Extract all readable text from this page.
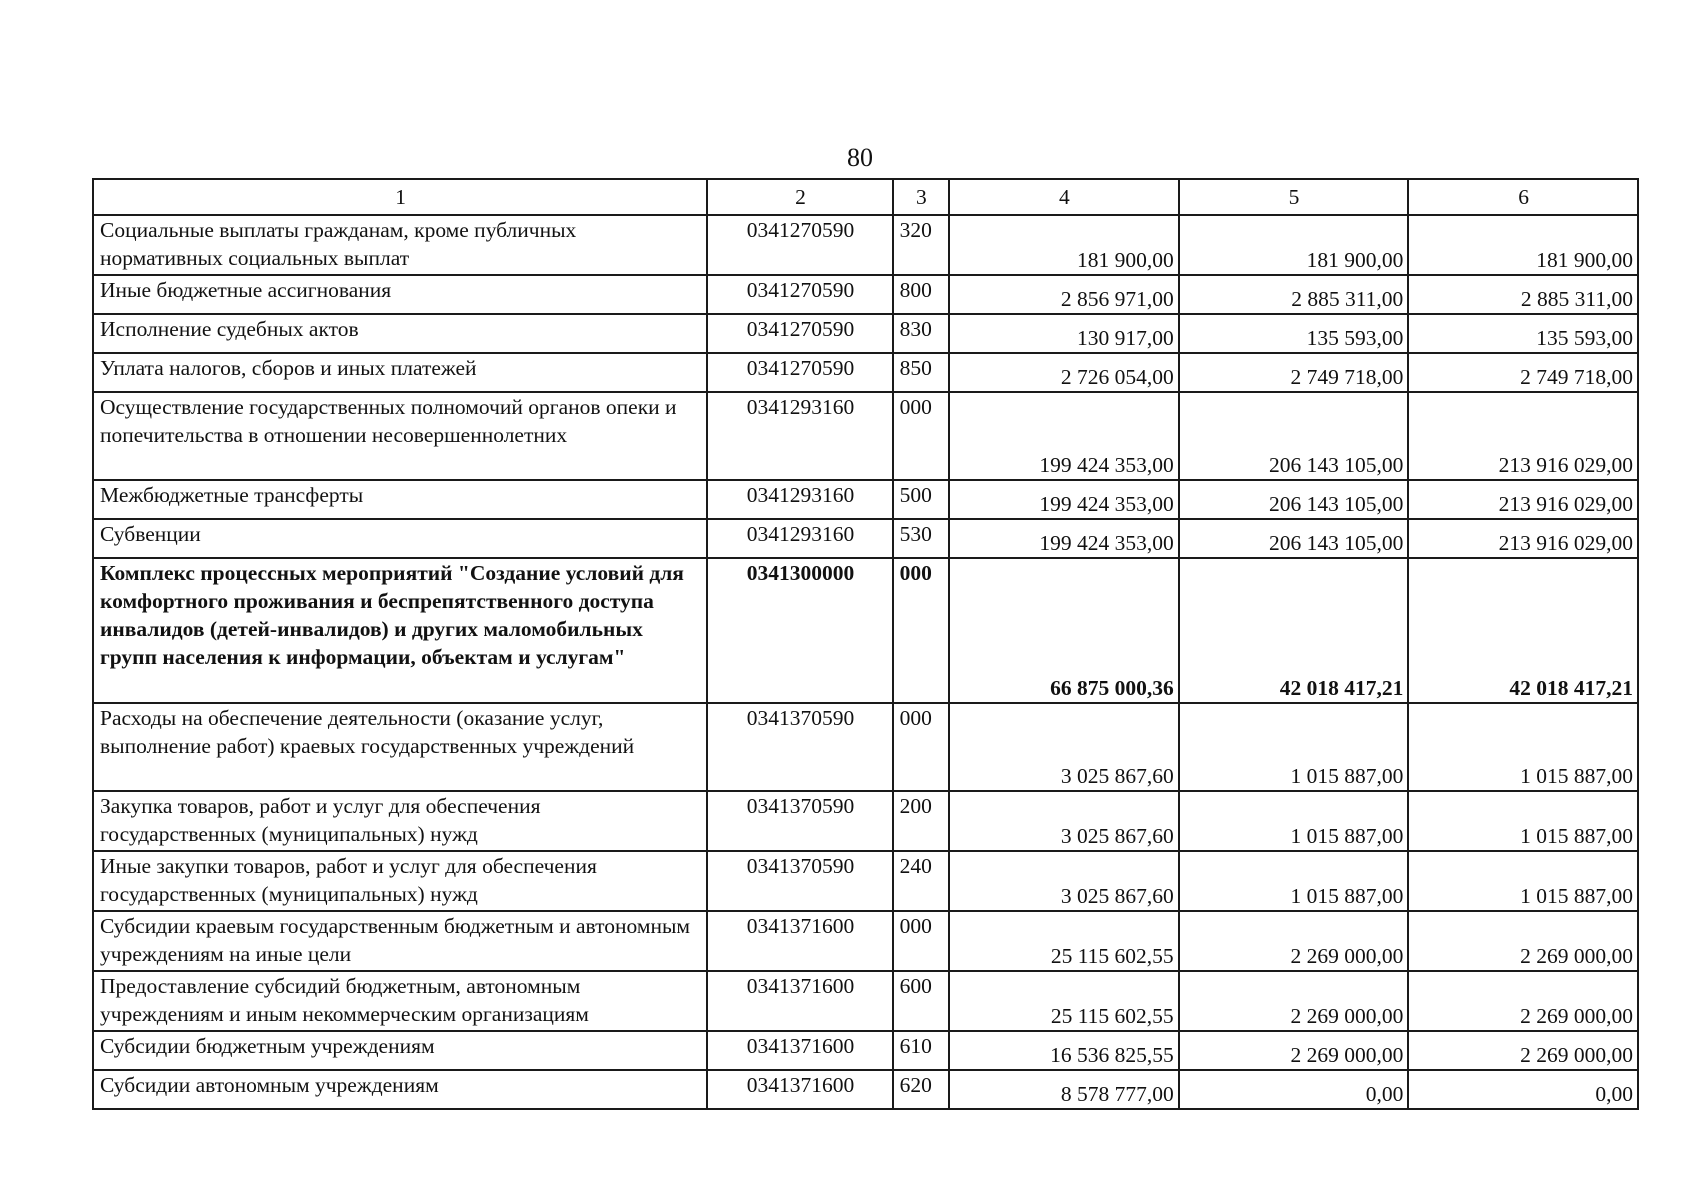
80
1	2	3	4	5	6
Социальные выплаты гражданам, кроме публичных нормативных социальных выплат	0341270590	320	181 900,00	181 900,00	181 900,00
Иные бюджетные ассигнования	0341270590	800	2 856 971,00	2 885 311,00	2 885 311,00
Исполнение судебных актов	0341270590	830	130 917,00	135 593,00	135 593,00
Уплата налогов, сборов и иных платежей	0341270590	850	2 726 054,00	2 749 718,00	2 749 718,00
Осуществление государственных полномочий органов опеки и попечительства в отношении несовершеннолетних	0341293160	000	199 424 353,00	206 143 105,00	213 916 029,00
Межбюджетные трансферты	0341293160	500	199 424 353,00	206 143 105,00	213 916 029,00
Субвенции	0341293160	530	199 424 353,00	206 143 105,00	213 916 029,00
Комплекс процессных мероприятий "Создание условий для комфортного проживания и беспрепятственного доступа инвалидов (детей-инвалидов) и других маломобильных групп населения к информации, объектам и услугам"	0341300000	000	66 875 000,36	42 018 417,21	42 018 417,21
Расходы на обеспечение деятельности (оказание услуг, выполнение работ) краевых государственных учреждений	0341370590	000	3 025 867,60	1 015 887,00	1 015 887,00
Закупка товаров, работ и услуг для обеспечения государственных (муниципальных) нужд	0341370590	200	3 025 867,60	1 015 887,00	1 015 887,00
Иные закупки товаров, работ и услуг для обеспечения государственных (муниципальных) нужд	0341370590	240	3 025 867,60	1 015 887,00	1 015 887,00
Субсидии краевым государственным бюджетным и автономным учреждениям на иные цели	0341371600	000	25 115 602,55	2 269 000,00	2 269 000,00
Предоставление субсидий бюджетным, автономным учреждениям и иным некоммерческим организациям	0341371600	600	25 115 602,55	2 269 000,00	2 269 000,00
Субсидии бюджетным учреждениям	0341371600	610	16 536 825,55	2 269 000,00	2 269 000,00
Субсидии автономным учреждениям	0341371600	620	8 578 777,00	0,00	0,00
